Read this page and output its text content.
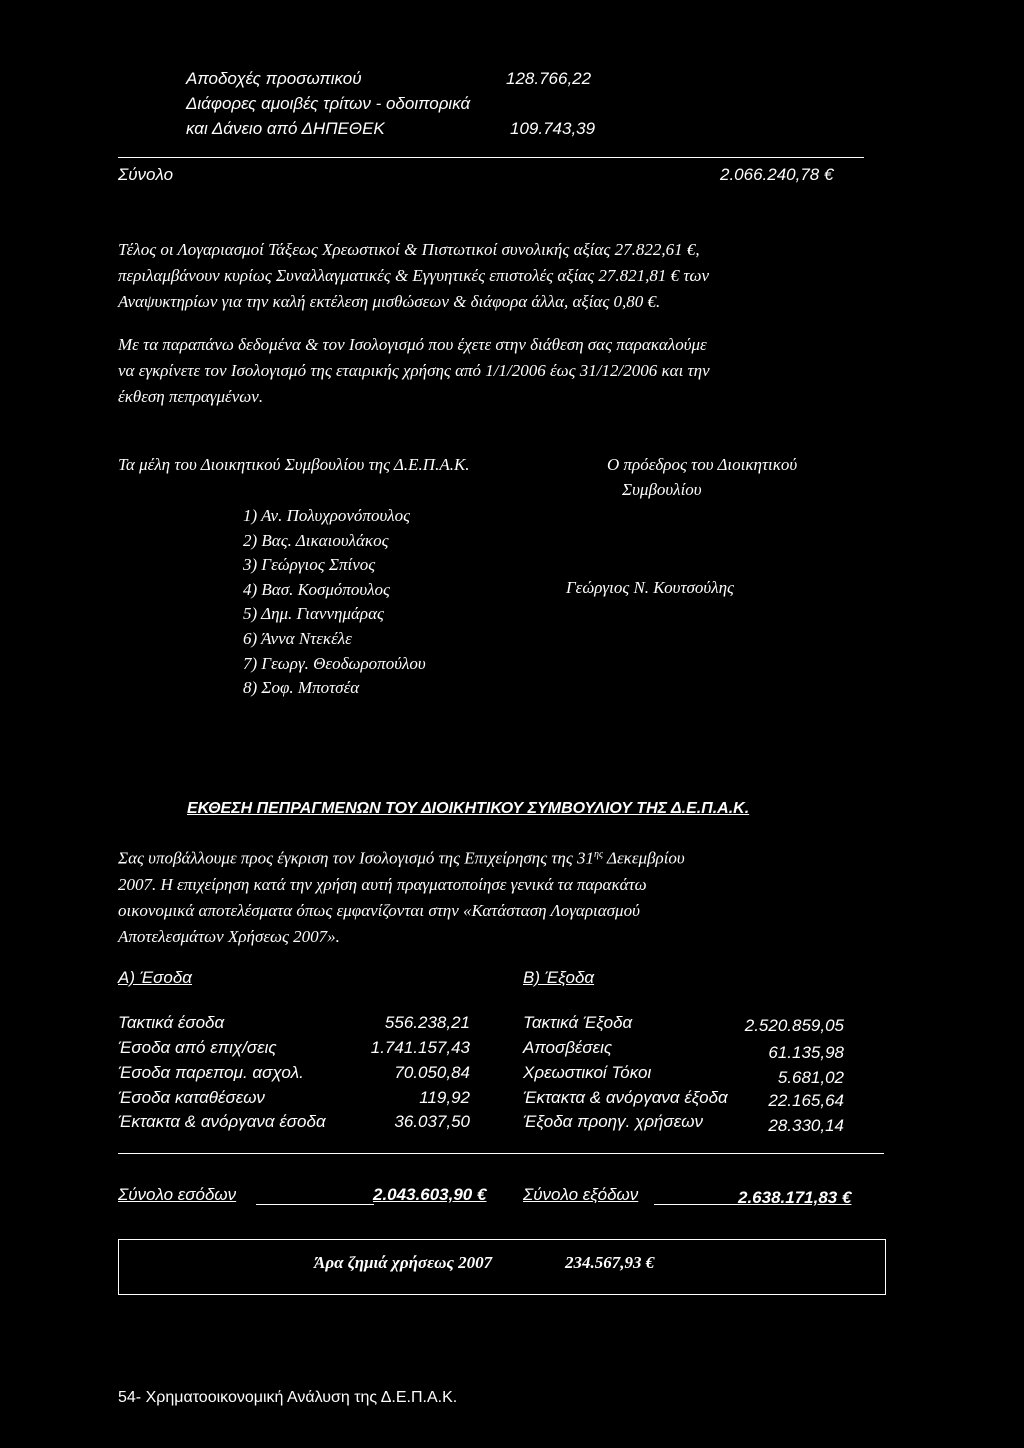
Αποδοχές προσωπικού	128.766,22
Διάφορες αμοιβές τρίτων - οδοιπορικά
και Δάνειο από ΔΗΠΕΘΕΚ	109.743,39
Σύνολο	2.066.240,78 €
Τέλος οι Λογαριασμοί Τάξεως Χρεωστικοί & Πιστωτικοί συνολικής αξίας 27.822,61 €,
περιλαμβάνουν κυρίως Συναλλαγματικές & Εγγυητικές επιστολές αξίας 27.821,81 € των
Αναψυκτηρίων για την καλή εκτέλεση μισθώσεων & διάφορα άλλα, αξίας 0,80 €.
Με τα παραπάνω δεδομένα & τον Ισολογισμό που έχετε στην διάθεση σας παρακαλούμε
να εγκρίνετε τον Ισολογισμό της εταιρικής χρήσης από 1/1/2006 έως 31/12/2006 και την
έκθεση πεπραγμένων.
Τα μέλη του Διοικητικού Συμβουλίου της Δ.Ε.Π.Α.Κ.	Ο πρόεδρος του Διοικητικού
Συμβουλίου
1) Αν. Πολυχρονόπουλος
2) Βας. Δικαιουλάκος
3) Γεώργιος Σπίνος
4) Βασ. Κοσμόπουλος
5) Δημ. Γιαννημάρας
6) Άννα Ντεκέλε
7) Γεωργ. Θεοδωροπούλου
8) Σοφ. Μποτσέα
Γεώργιος Ν. Κουτσούλης
ΕΚΘΕΣΗ ΠΕΠΡΑΓΜΕΝΩΝ ΤΟΥ ΔΙΟΙΚΗΤΙΚΟΥ ΣΥΜΒΟΥΛΙΟΥ ΤΗΣ Δ.Ε.Π.Α.Κ.
Σας υποβάλλουμε προς έγκριση τον Ισολογισμό της Επιχείρησης της $31^{\eta\varsigma}$ Δεκεμβρίου
2007. Η επιχείρηση κατά την χρήση αυτή πραγματοποίησε γενικά τα παρακάτω
οικονομικά αποτελέσματα όπως εμφανίζονται στην «Κατάσταση Λογαριασμού
Αποτελεσμάτων Χρήσεως 2007».
Α) Έσοδα	Β) Έξοδα
Τακτικά έσοδα	556.238,21
Έσοδα από επιχ/σεις	1.741.157,43
Έσοδα παρεπομ. ασχολ.	70.050,84
Έσοδα καταθέσεων	119,92
Έκτακτα & ανόργανα έσοδα	36.037,50
Τακτικά Έξοδα	2.520.859,05
Αποσβέσεις	61.135,98
Χρεωστικοί Τόκοι	5.681,02
Έκτακτα & ανόργανα έξοδα	22.165,64
Έξοδα προηγ. χρήσεων	28.330,14
Σύνολο εσόδων	2.043.603,90 € Σύνολο εξόδων	2.638.171,83 €
Άρα ζημιά χρήσεως 2007	234.567,93 €
54- Χρηματοοικονομική Ανάλυση της Δ.Ε.Π.Α.Κ.
